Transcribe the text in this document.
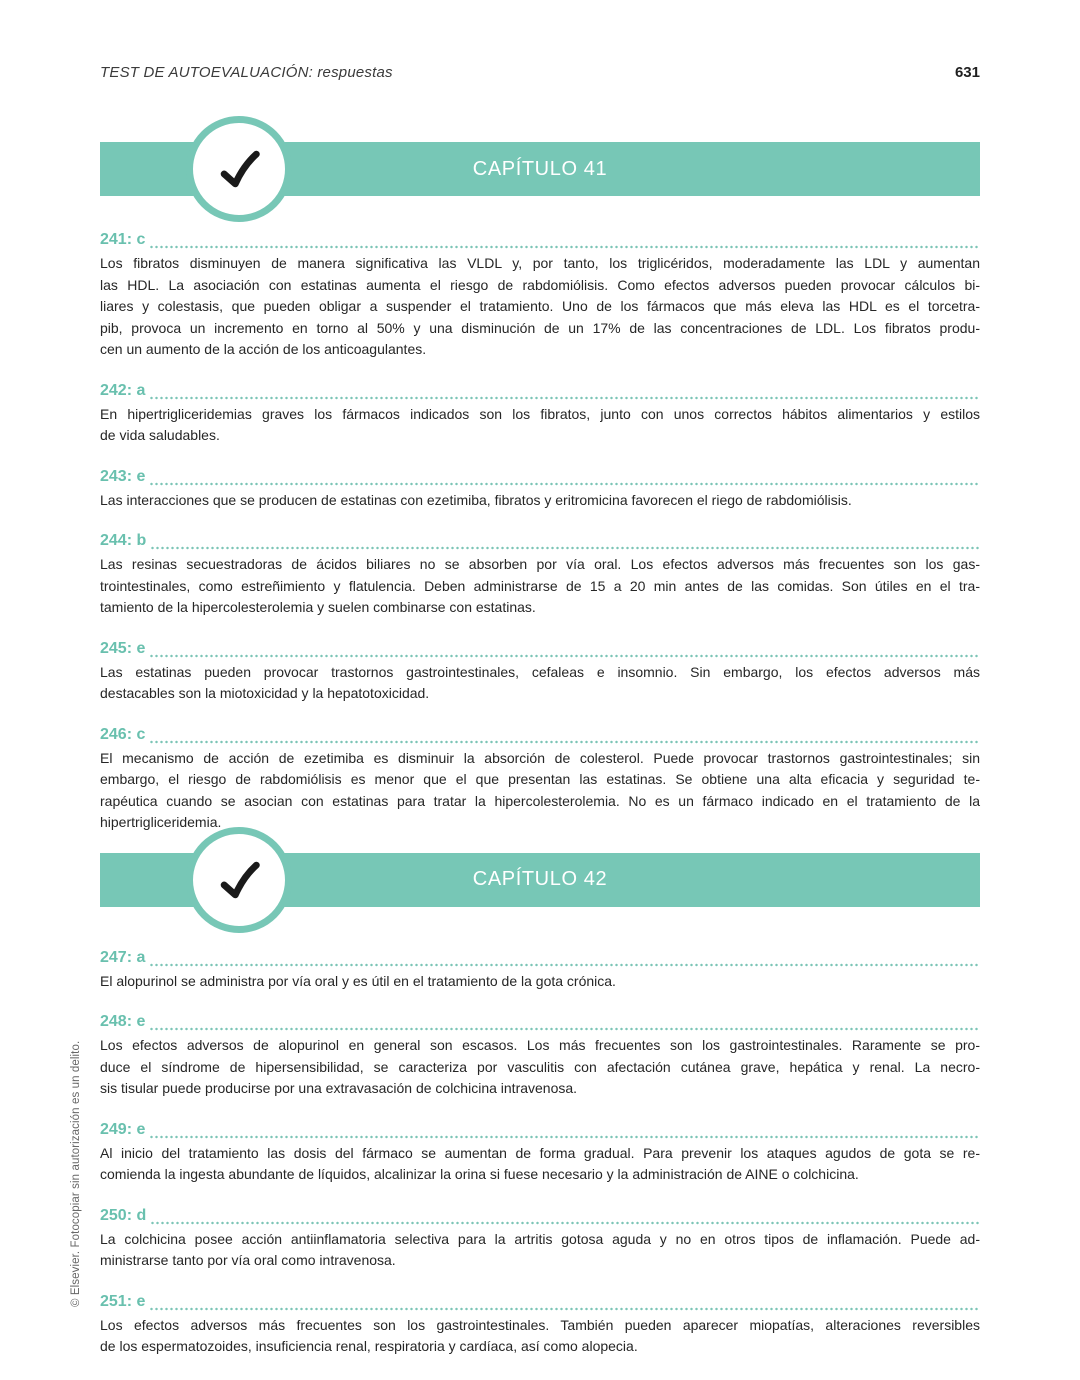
TEST DE AUTOEVALUACIÓN: respuestas	631
CAPÍTULO 41
241: c
Los fibratos disminuyen de manera significativa las VLDL y, por tanto, los triglicéridos, moderadamente las LDL y aumentan
las HDL. La asociación con estatinas aumenta el riesgo de rabdomiólisis. Como efectos adversos pueden provocar cálculos bi-
liares y colestasis, que pueden obligar a suspender el tratamiento. Uno de los fármacos que más eleva las HDL es el torcetra-
pib, provoca un incremento en torno al 50% y una disminución de un 17% de las concentraciones de LDL. Los fibratos produ-
cen un aumento de la acción de los anticoagulantes.
242: a
En hipertrigliceridemias graves los fármacos indicados son los fibratos, junto con unos correctos hábitos alimentarios y estilos
de vida saludables.
243: e
Las interacciones que se producen de estatinas con ezetimiba, fibratos y eritromicina favorecen el riego de rabdomiólisis.
244: b
Las resinas secuestradoras de ácidos biliares no se absorben por vía oral. Los efectos adversos más frecuentes son los gas-
trointestinales, como estreñimiento y flatulencia. Deben administrarse de 15 a 20 min antes de las comidas. Son útiles en el tra-
tamiento de la hipercolesterolemia y suelen combinarse con estatinas.
245: e
Las estatinas pueden provocar trastornos gastrointestinales, cefaleas e insomnio. Sin embargo, los efectos adversos más
destacables son la miotoxicidad y la hepatotoxicidad.
246: c
El mecanismo de acción de ezetimiba es disminuir la absorción de colesterol. Puede provocar trastornos gastrointestinales; sin
embargo, el riesgo de rabdomiólisis es menor que el que presentan las estatinas. Se obtiene una alta eficacia y seguridad te-
rapéutica cuando se asocian con estatinas para tratar la hipercolesterolemia. No es un fármaco indicado en el tratamiento de la
hipertrigliceridemia.
CAPÍTULO 42
247: a
El alopurinol se administra por vía oral y es útil en el tratamiento de la gota crónica.
248: e
Los efectos adversos de alopurinol en general son escasos. Los más frecuentes son los gastrointestinales. Raramente se pro-
duce el síndrome de hipersensibilidad, se caracteriza por vasculitis con afectación cutánea grave, hepática y renal. La necro-
sis tisular puede producirse por una extravasación de colchicina intravenosa.
249: e
Al inicio del tratamiento las dosis del fármaco se aumentan de forma gradual. Para prevenir los ataques agudos de gota se re-
comienda la ingesta abundante de líquidos, alcalinizar la orina si fuese necesario y la administración de AINE o colchicina.
250: d
La colchicina posee acción antiinflamatoria selectiva para la artritis gotosa aguda y no en otros tipos de inflamación. Puede ad-
ministrarse tanto por vía oral como intravenosa.
251: e
Los efectos adversos más frecuentes son los gastrointestinales. También pueden aparecer miopatías, alteraciones reversibles
de los espermatozoides, insuficiencia renal, respiratoria y cardíaca, así como alopecia.
© Elsevier. Fotocopiar sin autorización es un delito.
